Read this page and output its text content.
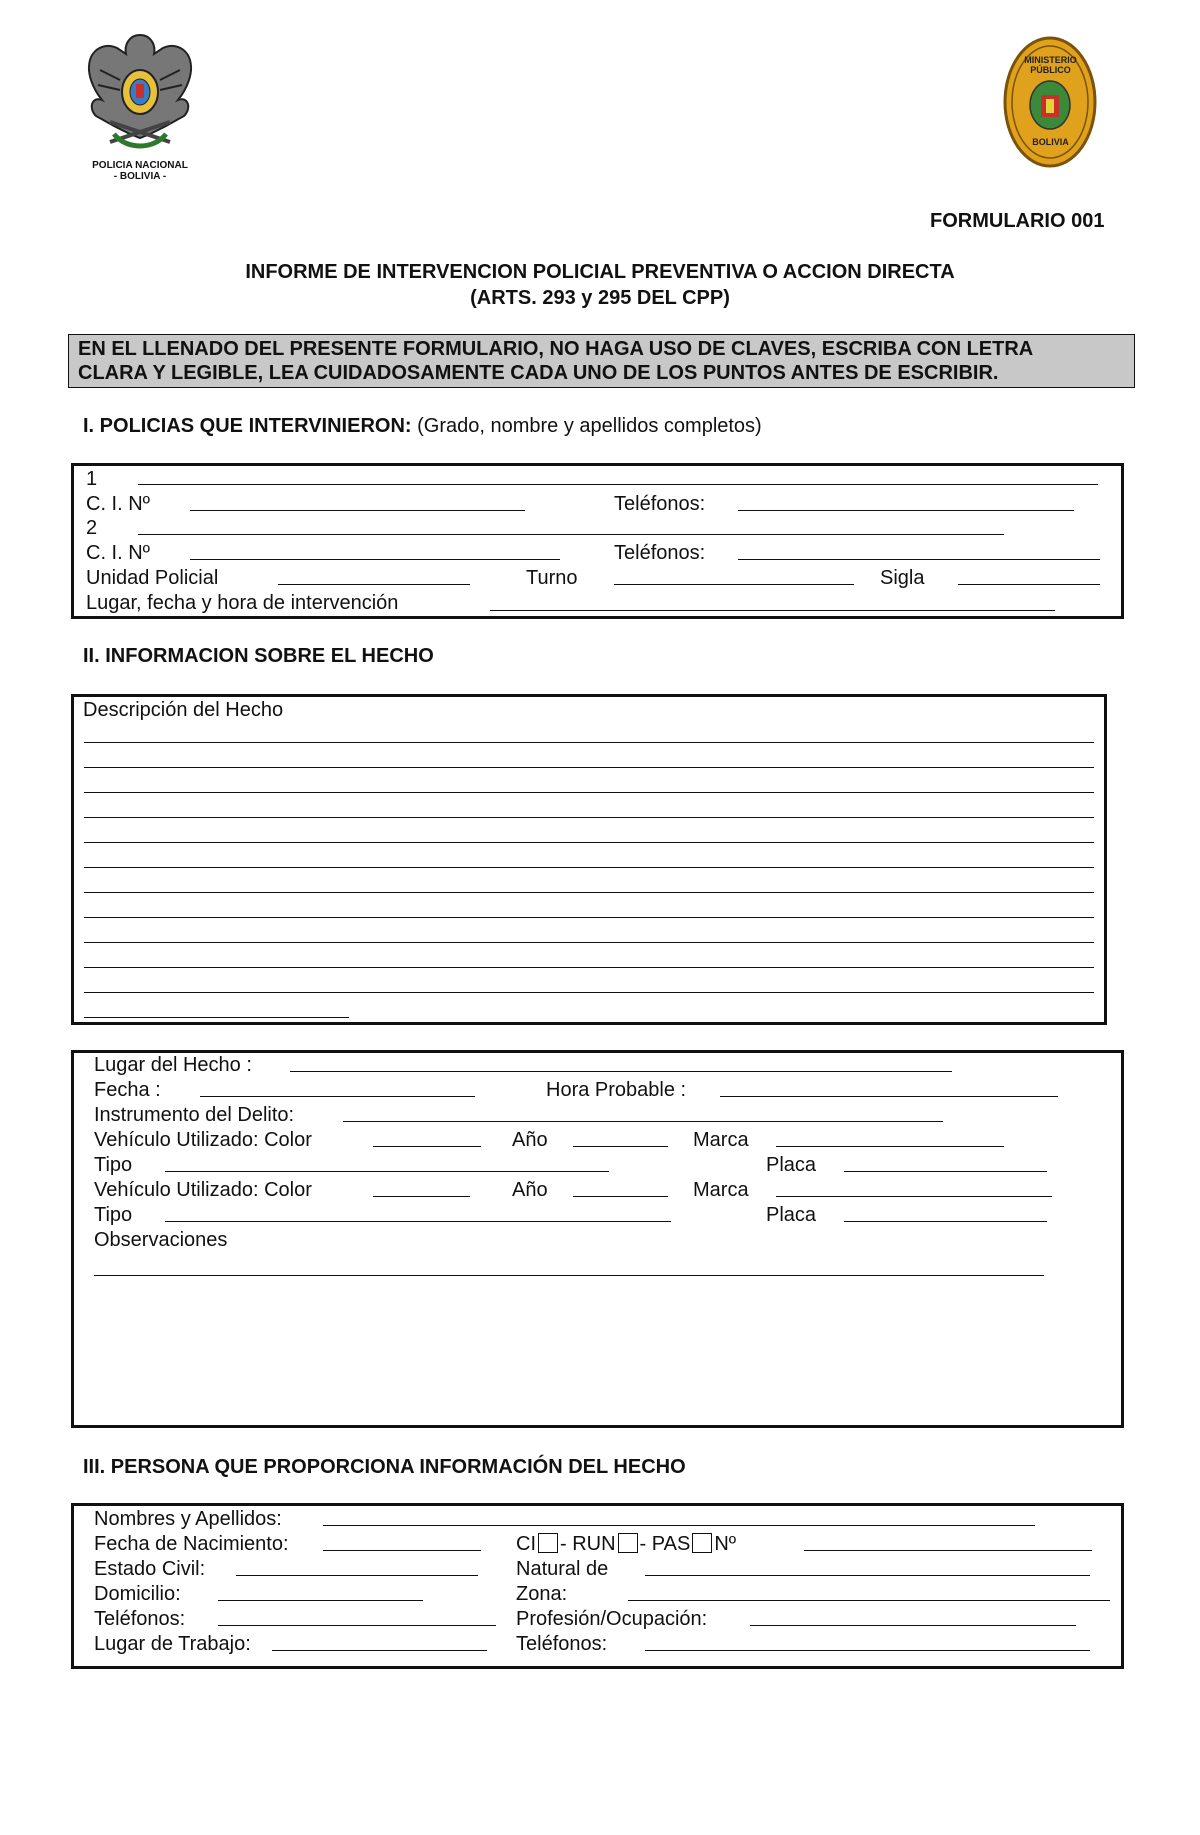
POLICIA NACIONAL
- BOLIVIA -
MINISTERIO
PÚBLICO
BOLIVIA
FORMULARIO 001
INFORME DE INTERVENCION POLICIAL PREVENTIVA O ACCION DIRECTA
(ARTS. 293 y 295 DEL CPP)
EN EL LLENADO DEL PRESENTE FORMULARIO, NO HAGA USO DE CLAVES, ESCRIBA CON LETRA
CLARA Y LEGIBLE, LEA CUIDADOSAMENTE CADA UNO DE LOS PUNTOS ANTES DE ESCRIBIR.
I. POLICIAS QUE INTERVINIERON: (Grado, nombre y apellidos completos)
1
C. I. Nº	Teléfonos:
2
C. I. Nº	Teléfonos:
Unidad Policial	Turno	Sigla
Lugar, fecha y hora de intervención
II. INFORMACION SOBRE EL HECHO
Descripción del Hecho
Lugar del Hecho :
Fecha :	Hora Probable :
Instrumento del Delito:
Vehículo Utilizado: Color	Año	Marca
Tipo	Placa
Vehículo Utilizado: Color	Año	Marca
Tipo	Placa
Observaciones
III. PERSONA QUE PROPORCIONA INFORMACIÓN DEL HECHO
Nombres y Apellidos:
Fecha de Nacimiento:	CI - RUN - PAS Nº
Estado Civil:	Natural de
Domicilio:	Zona:
Teléfonos:	Profesión/Ocupación:
Lugar de Trabajo:	Teléfonos:
